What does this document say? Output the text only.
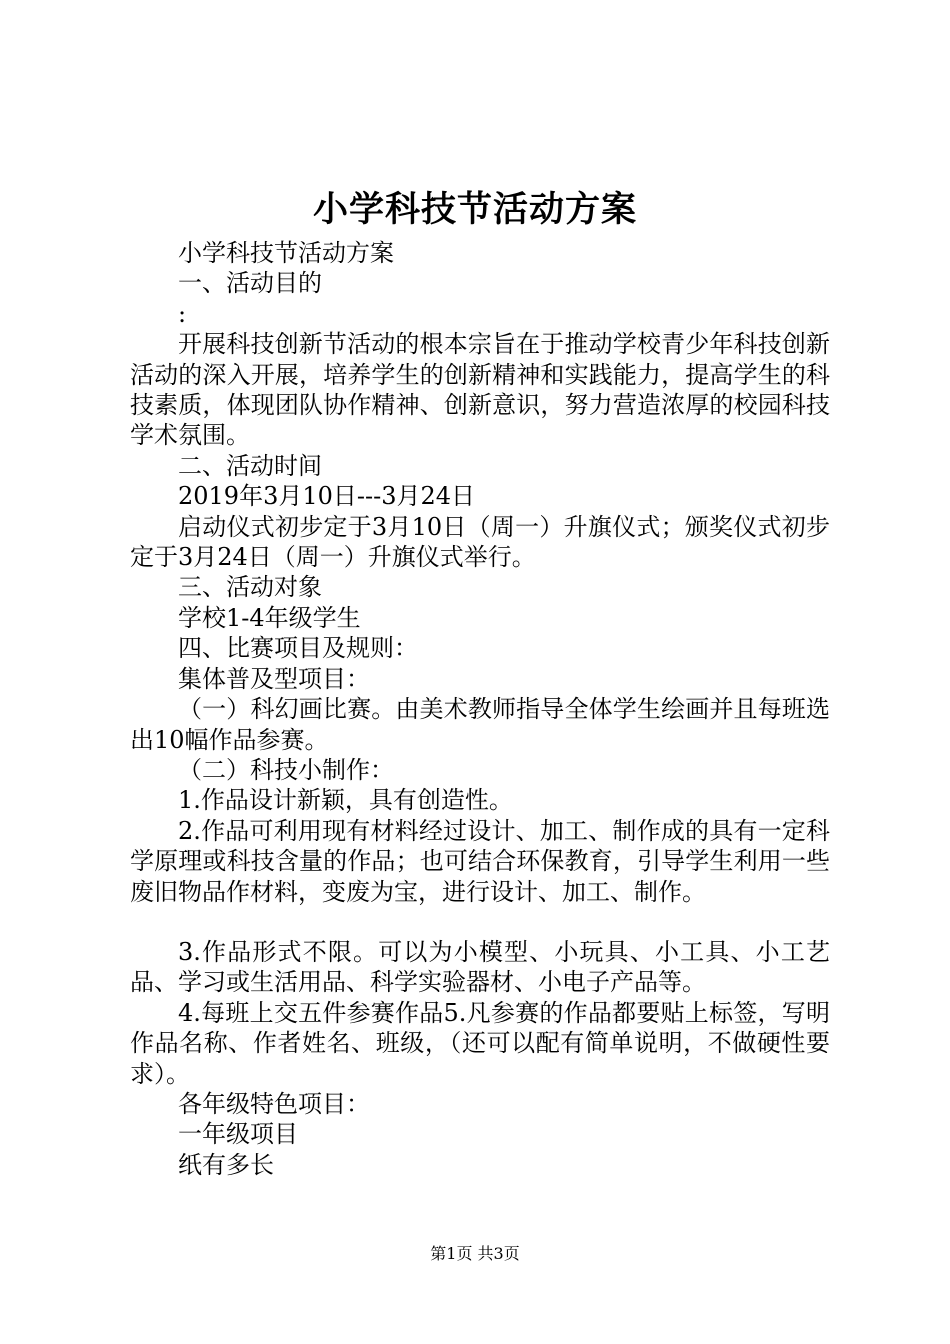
小学科技节活动方案

小学科技节活动方案

一、活动目的

:

开展科技创新节活动的根本宗旨在于推动学校青少年科技创新活动的深入开展，培养学生的创新精神和实践能力，提高学生的科技素质，体现团队协作精神、创新意识，努力营造浓厚的校园科技学术氛围。

二、活动时间

2019年3月10日---3月24日

启动仪式初步定于3月10日（周一）升旗仪式；颁奖仪式初步定于3月24日（周一）升旗仪式举行。

三、活动对象

学校1-4年级学生

四、比赛项目及规则：

集体普及型项目：

（一）科幻画比赛。由美术教师指导全体学生绘画并且每班选出10幅作品参赛。

（二）科技小制作：

1.作品设计新颖，具有创造性。

2.作品可利用现有材料经过设计、加工、制作成的具有一定科学原理或科技含量的作品；也可结合环保教育，引导学生利用一些废旧物品作材料，变废为宝，进行设计、加工、制作。

3.作品形式不限。可以为小模型、小玩具、小工具、小工艺品、学习或生活用品、科学实验器材、小电子产品等。

4.每班上交五件参赛作品5.凡参赛的作品都要贴上标签，写明作品名称、作者姓名、班级，（还可以配有简单说明，不做硬性要求）。

各年级特色项目：

一年级项目

纸有多长

第1页 共3页
